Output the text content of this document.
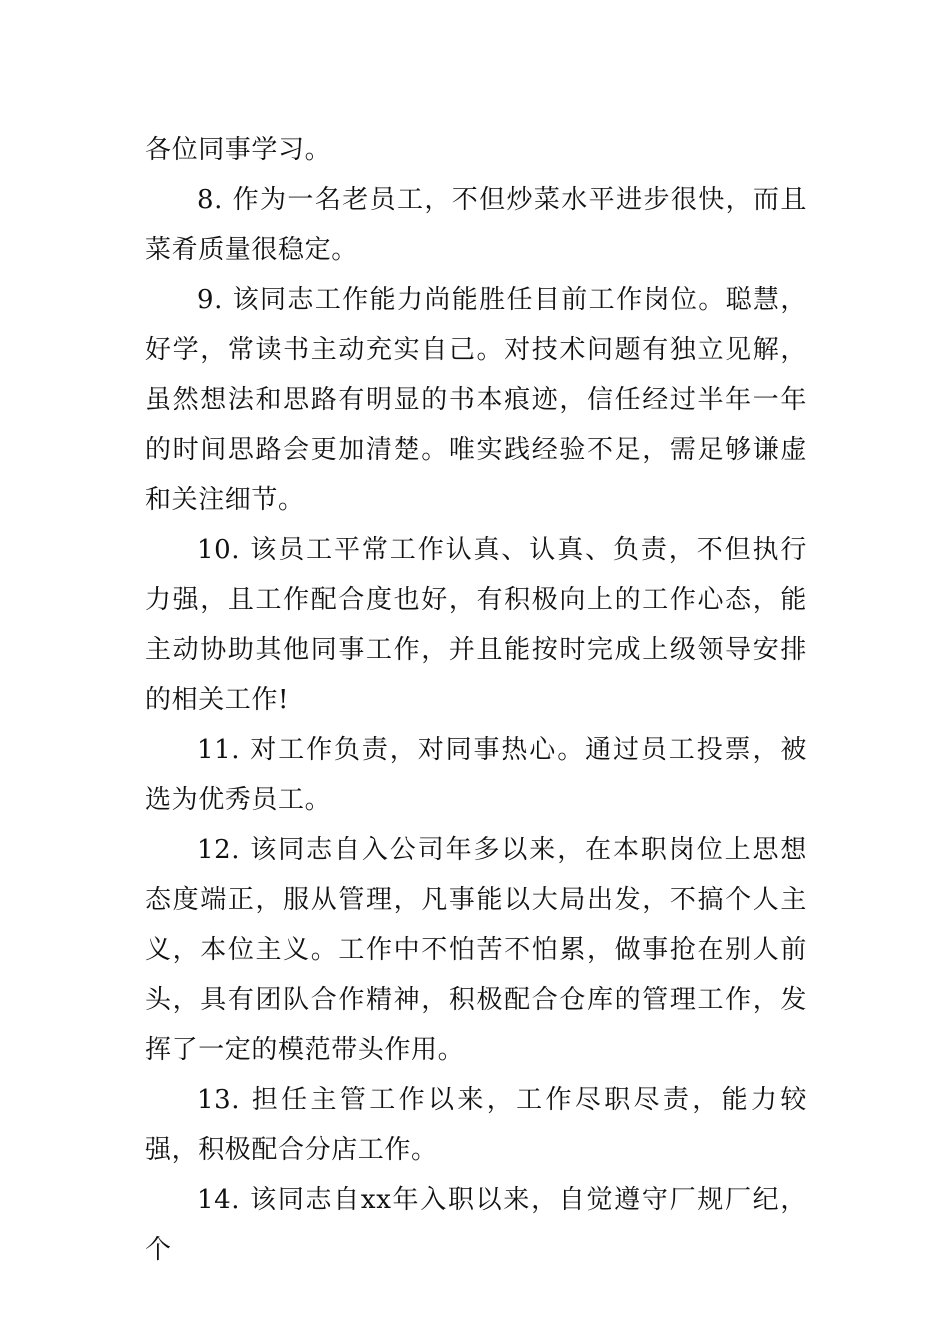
各位同事学习。

8. 作为一名老员工，不但炒菜水平进步很快，而且菜肴质量很稳定。

9. 该同志工作能力尚能胜任目前工作岗位。聪慧，好学，常读书主动充实自己。对技术问题有独立见解，虽然想法和思路有明显的书本痕迹，信任经过半年一年的时间思路会更加清楚。唯实践经验不足，需足够谦虚和关注细节。

10. 该员工平常工作认真、认真、负责，不但执行力强，且工作配合度也好，有积极向上的工作心态，能主动协助其他同事工作，并且能按时完成上级领导安排的相关工作!

11. 对工作负责，对同事热心。通过员工投票，被选为优秀员工。

12. 该同志自入公司年多以来，在本职岗位上思想态度端正，服从管理，凡事能以大局出发，不搞个人主义，本位主义。工作中不怕苦不怕累，做事抢在别人前头，具有团队合作精神，积极配合仓库的管理工作，发挥了一定的模范带头作用。

13. 担任主管工作以来，工作尽职尽责，能力较强，积极配合分店工作。

14. 该同志自xx年入职以来，自觉遵守厂规厂纪，个
